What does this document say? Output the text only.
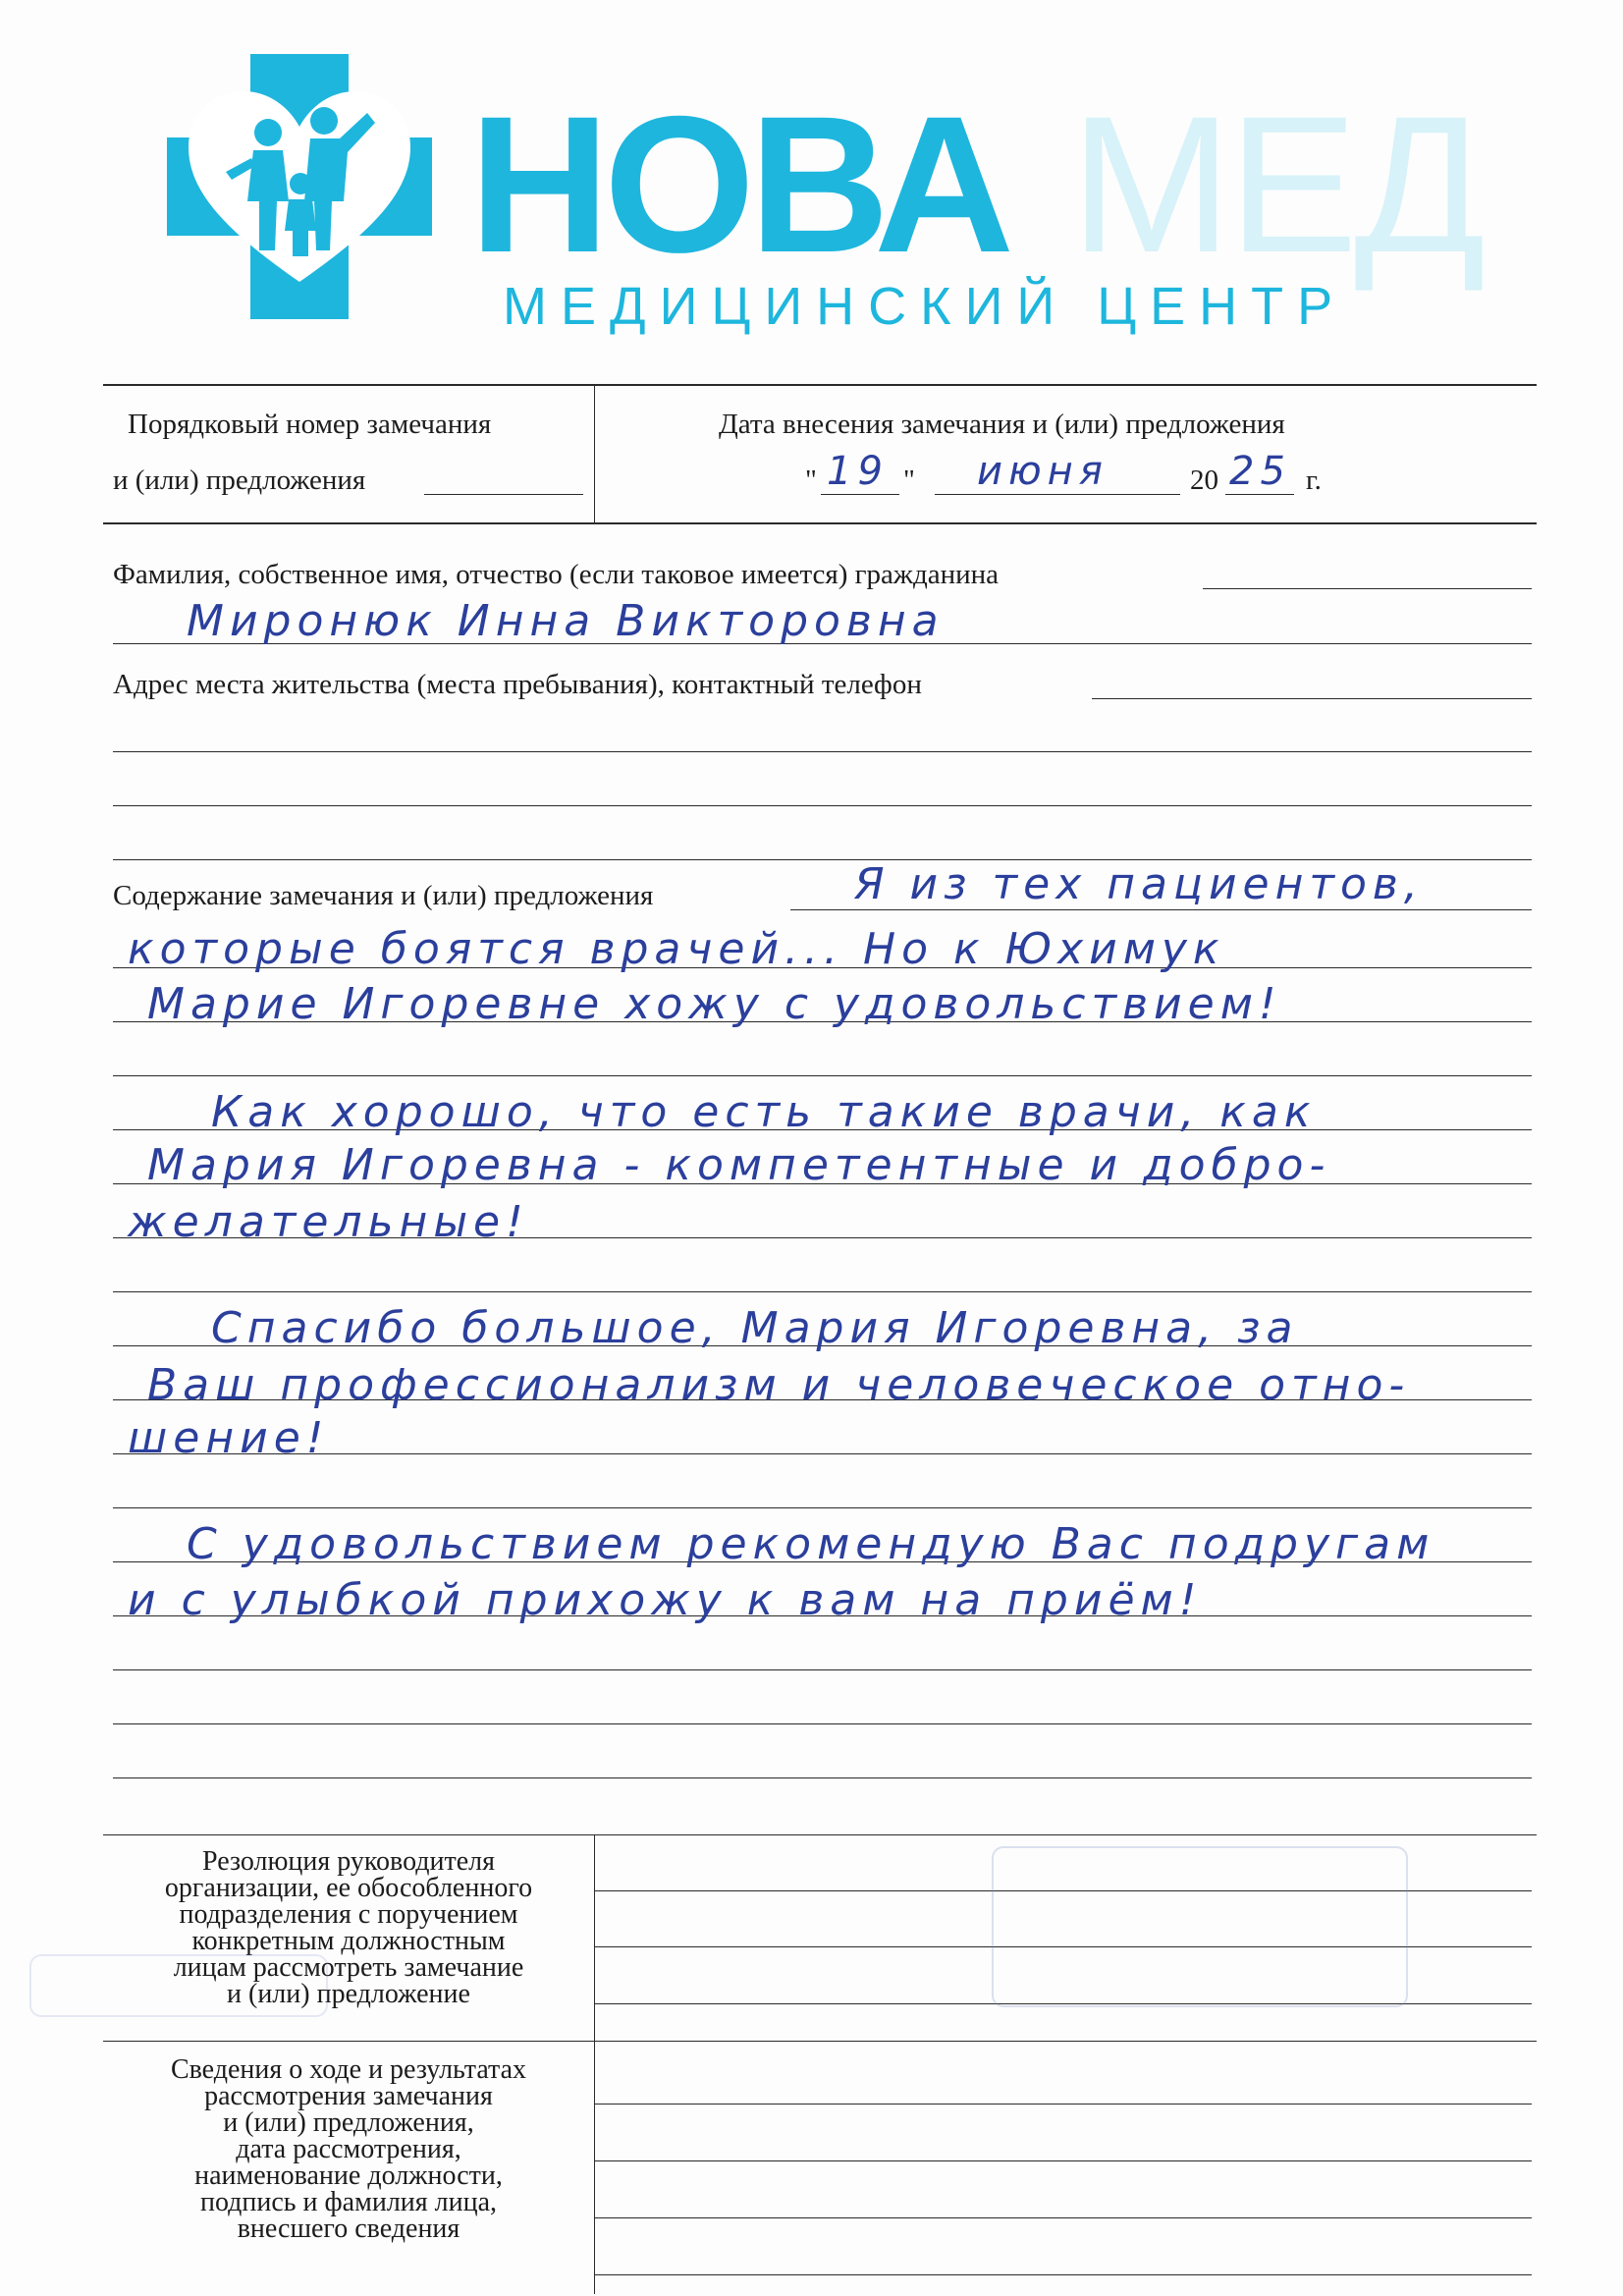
НОВА МЕД
МЕДИЦИНСКИЙ ЦЕНТР
Порядковый номер замечания
и (или) предложения
Дата внесения замечания и (или) предложения
" 19 " июня	20 25 г.
Фамилия, собственное имя, отчество (если таковое имеется) гражданина
Миронюк Инна Викторовна
Адрес места жительства (места пребывания), контактный телефон
Содержание замечания и (или) предложения	Я из тех пациентов,
которые боятся врачей... Но к Юхимук
Марие Игоревне хожу с удовольствием!
Как хорошо, что есть такие врачи, как
Мария Игоревна - компетентные и добро-
желательные!
Спасибо большое, Мария Игоревна, за
Ваш профессионализм и человеческое отно-
шение!
С удовольствием рекомендую Вас подругам
и с улыбкой прихожу к вам на приём!
Резолюция руководителя
организации, ее обособленного
подразделения с поручением
конкретным должностным
лицам рассмотреть замечание
и (или) предложение
Сведения о ходе и результатах
рассмотрения замечания
и (или) предложения,
дата рассмотрения,
наименование должности,
подпись и фамилия лица,
внесшего сведения
